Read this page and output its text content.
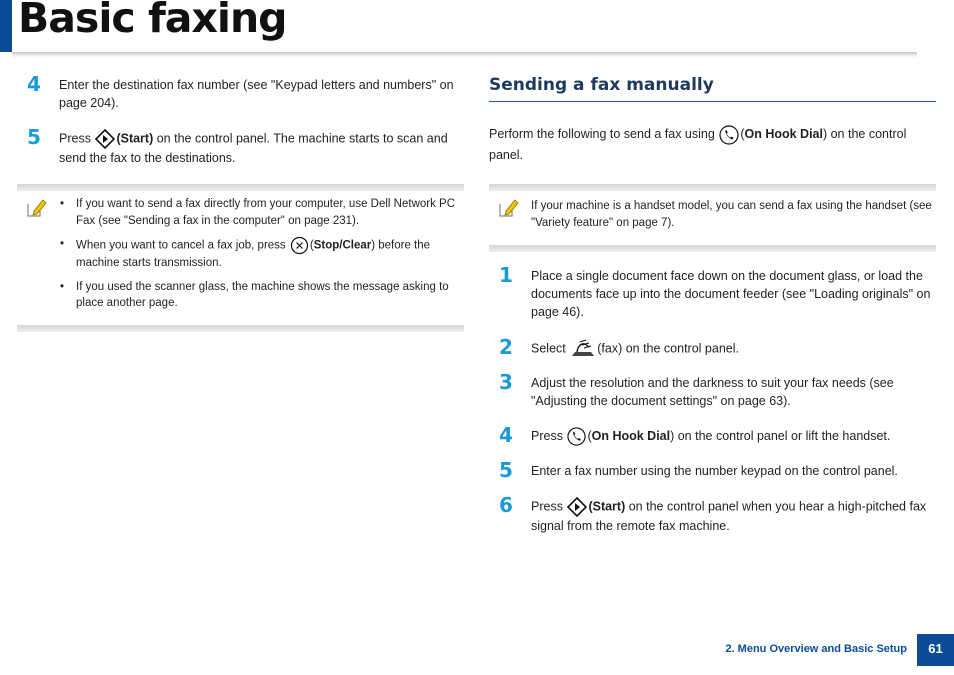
Basic faxing
4	Enter the destination fax number (see "Keypad letters and numbers" on page 204).
5	Press (Start) on the control panel. The machine starts to scan and send the fax to the destinations.
• If you want to send a fax directly from your computer, use Dell Network PC Fax (see "Sending a fax in the computer" on page 231).
• When you want to cancel a fax job, press (Stop/Clear) before the machine starts transmission.
• If you used the scanner glass, the machine shows the message asking to place another page.
Sending a fax manually
Perform the following to send a fax using (On Hook Dial) on the control panel.
If your machine is a handset model, you can send a fax using the handset (see "Variety feature" on page 7).
1	Place a single document face down on the document glass, or load the documents face up into the document feeder (see "Loading originals" on page 46).
2	Select	(fax) on the control panel.
3	Adjust the resolution and the darkness to suit your fax needs (see "Adjusting the document settings" on page 63).
4	Press (On Hook Dial) on the control panel or lift the handset.
5	Enter a fax number using the number keypad on the control panel.
6	Press (Start) on the control panel when you hear a high-pitched fax signal from the remote fax machine.
2. Menu Overview and Basic Setup	61
